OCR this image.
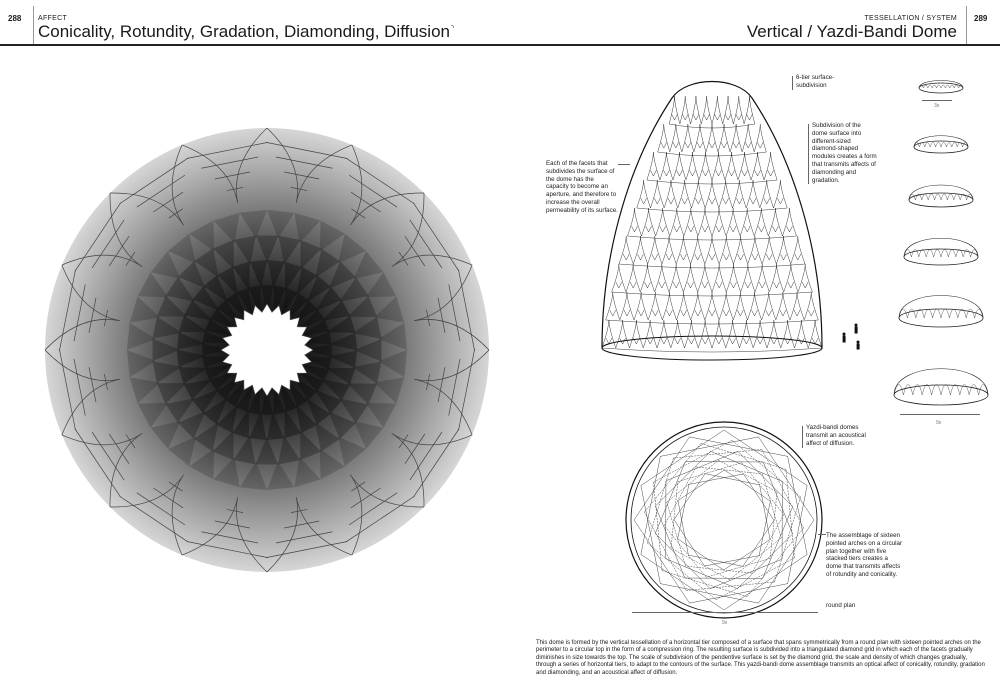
288 AFFECT
Conicality, Rotundity, Gradation, Diamonding, Diffusion◝
TESSELLATION / SYSTEM
Vertical / Yazdi-Bandi Dome
289
3x
9x
9x
6-tier surface-subdivision
Subdivision of the dome surface into different-sized diamond-shaped modules creates a form that transmits affects of diamonding and gradation.
Each of the facets that subdivides the surface of the dome has the capacity to become an aperture, and therefore to increase the overall permeability of its surface.
Yazdi-bandi domes transmit an acoustical affect of diffusion.
The assemblage of sixteen pointed arches on a circular plan together with five stacked tiers creates a dome that transmits affects of rotundity and conicality.
round plan
This dome is formed by the vertical tessellation of a horizontal tier composed of a surface that spans symmetrically from a round plan with sixteen pointed arches on the perimeter to a circular top in the form of a compression ring. The resulting surface is subdivided into a triangulated diamond grid in which each of the facets gradually diminishes in size towards the top. The scale of subdivision of the pendentive surface is set by the diamond grid, the scale and density of which changes gradually, through a series of horizontal tiers, to adapt to the contours of the surface. This yazdi-bandi dome assemblage transmits an optical affect of conicality, rotundity, gradation and diamonding, and an acoustical affect of diffusion.
